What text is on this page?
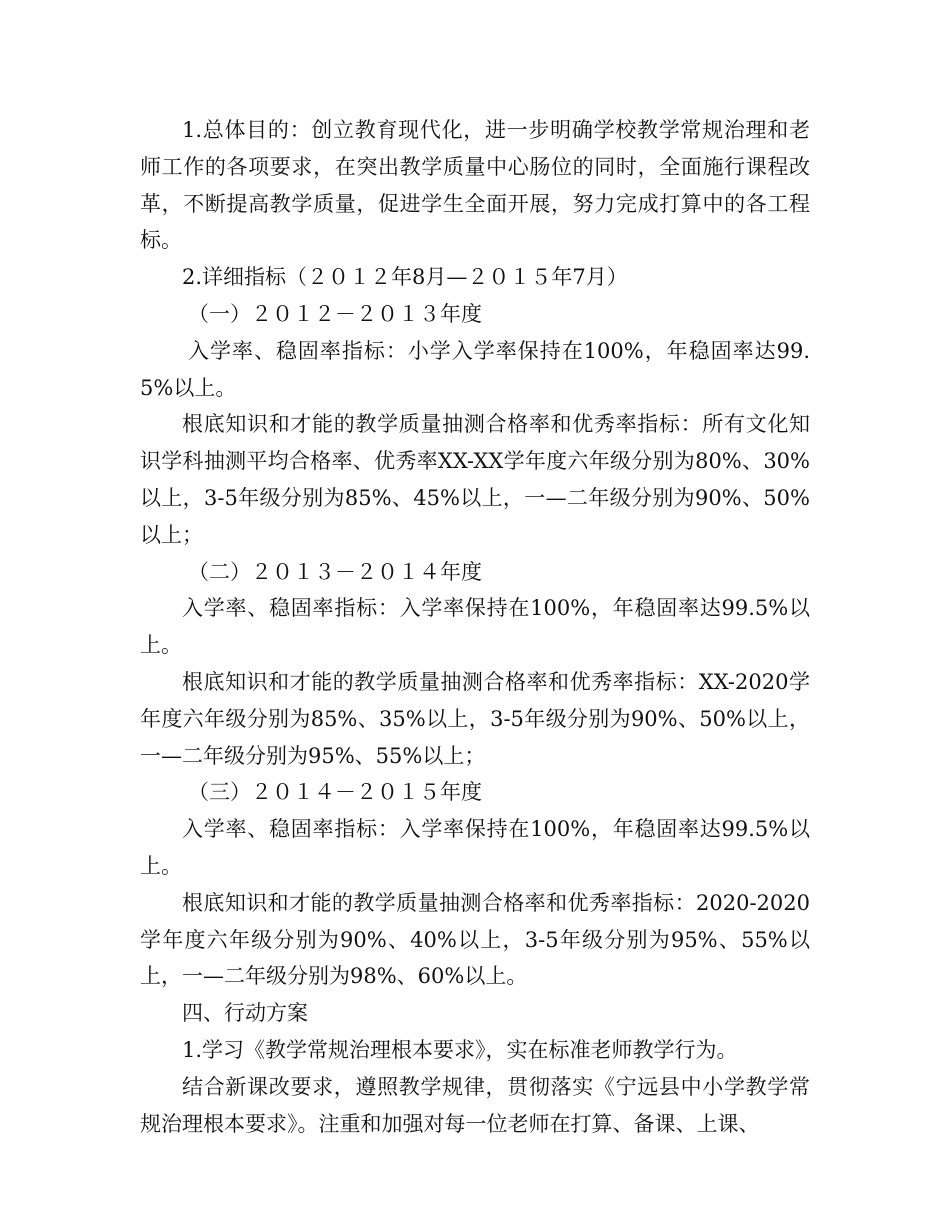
1.总体目的：创立教育现代化，进一步明确学校教学常规治理和老师工作的各项要求，在突出教学质量中心肠位的同时，全面施行课程改革，不断提高教学质量，促进学生全面开展，努力完成打算中的各工程标。

2.详细指标（２０１２年8月—２０１５年7月）

（一）２０１２－２０１３年度

入学率、稳固率指标：小学入学率保持在100%，年稳固率达99.5%以上。

根底知识和才能的教学质量抽测合格率和优秀率指标：所有文化知识学科抽测平均合格率、优秀率XX-XX学年度六年级分别为80%、30%以上，3-5年级分别为85%、45%以上，一—二年级分别为90%、50%以上；

（二）２０１３－２０１４年度

入学率、稳固率指标：入学率保持在100%，年稳固率达99.5%以上。

根底知识和才能的教学质量抽测合格率和优秀率指标：XX-2020学年度六年级分别为85%、35%以上，3-5年级分别为90%、50%以上，一—二年级分别为95%、55%以上；

（三）２０１４－２０１５年度

入学率、稳固率指标：入学率保持在100%，年稳固率达99.5%以上。

根底知识和才能的教学质量抽测合格率和优秀率指标：2020-2020学年度六年级分别为90%、40%以上，3-5年级分别为95%、55%以上，一—二年级分别为98%、60%以上。

四、行动方案

1.学习《教学常规治理根本要求》，实在标准老师教学行为。

结合新课改要求，遵照教学规律，贯彻落实《宁远县中小学教学常规治理根本要求》。注重和加强对每一位老师在打算、备课、上课、
